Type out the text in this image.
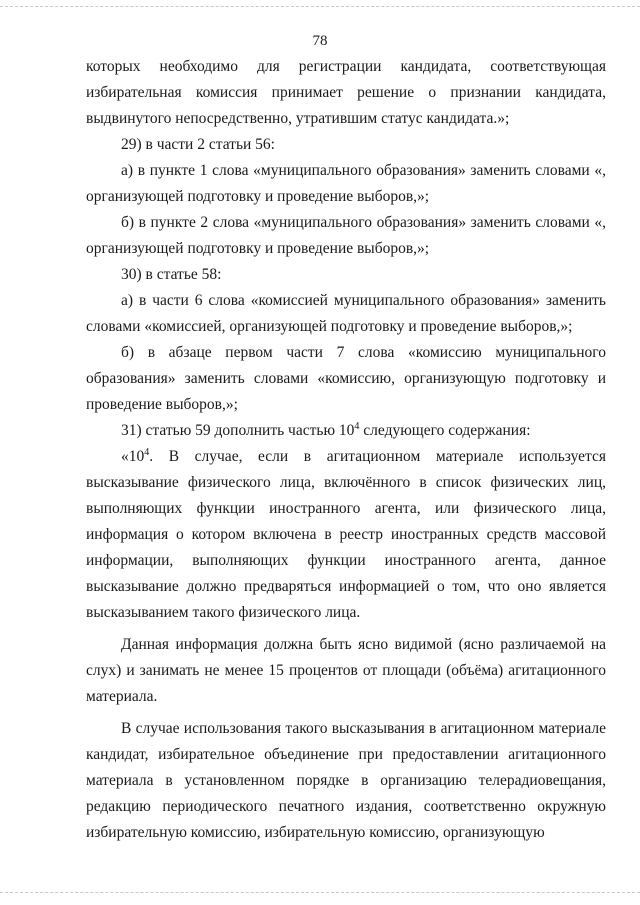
78

которых необходимо для регистрации кандидата, соответствующая

избирательная комиссия принимает решение о признании кандидата, выдвинутого непосредственно, утратившим статус кандидата.»;

29) в части 2 статьи 56:

а) в пункте 1 слова «муниципального образования» заменить словами «, организующей подготовку и проведение выборов,»;

б) в пункте 2 слова «муниципального образования» заменить словами «, организующей подготовку и проведение выборов,»;

30) в статье 58:

а) в части 6 слова «комиссией муниципального образования» заменить словами «комиссией, организующей подготовку и проведение выборов,»;

б) в абзаце первом части 7 слова «комиссию муниципального образования» заменить словами «комиссию, организующую подготовку и проведение выборов,»;

31) статью 59 дополнить частью $10^4$ следующего содержания:

«$10^4$. В случае, если в агитационном материале используется высказывание физического лица, включённого в список физических лиц, выполняющих функции иностранного агента, или физического лица, информация о котором включена в реестр иностранных средств массовой информации, выполняющих функции иностранного агента, данное высказывание должно предваряться информацией о том, что оно является высказыванием такого физического лица.

Данная информация должна быть ясно видимой (ясно различаемой на слух) и занимать не менее 15 процентов от площади (объёма) агитационного материала.

В случае использования такого высказывания в агитационном материале кандидат, избирательное объединение при предоставлении агитационного материала в установленном порядке в организацию телерадиовещания, редакцию периодического печатного издания, соответственно окружную избирательную комиссию, избирательную комиссию, организующую
